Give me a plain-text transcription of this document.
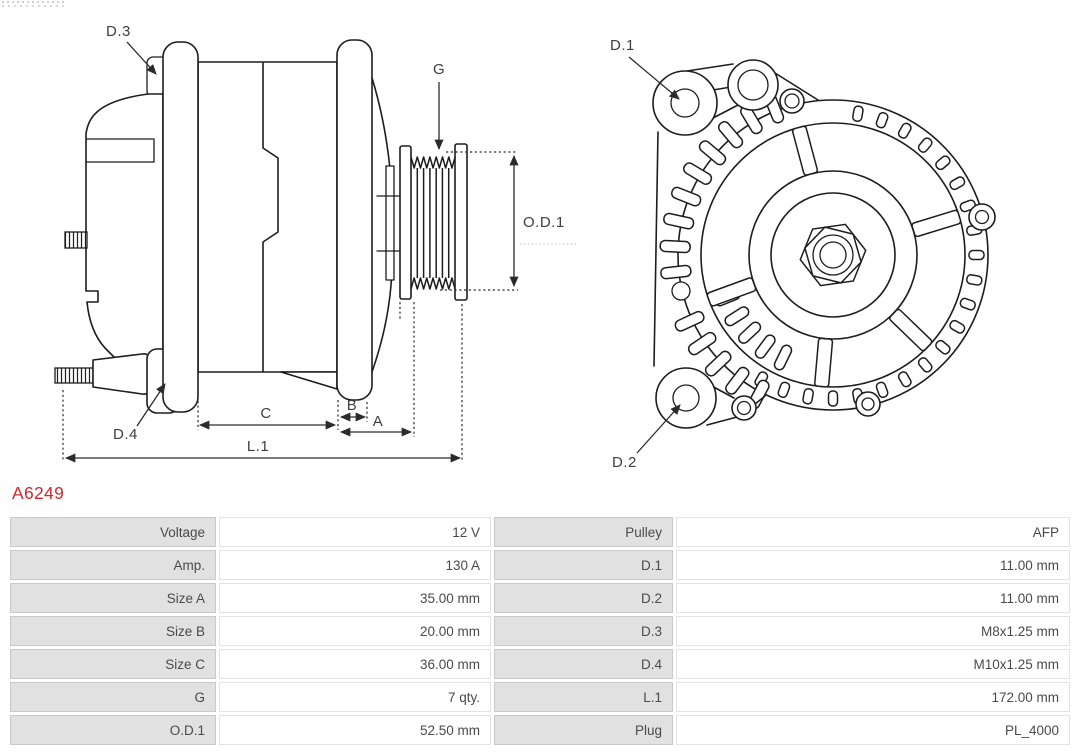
D.3
G
O.D.1
D.4
C	B
A
L.1
D.1
D.2
A6249
Voltage	12 V	Pulley	AFP
Amp.	130 A	D.1	11.00 mm
Size A	35.00 mm	D.2	11.00 mm
Size B	20.00 mm	D.3	M8x1.25 mm
Size C	36.00 mm	D.4	M10x1.25 mm
G	7 qty.	L.1	172.00 mm
O.D.1	52.50 mm	Plug	PL_4000
